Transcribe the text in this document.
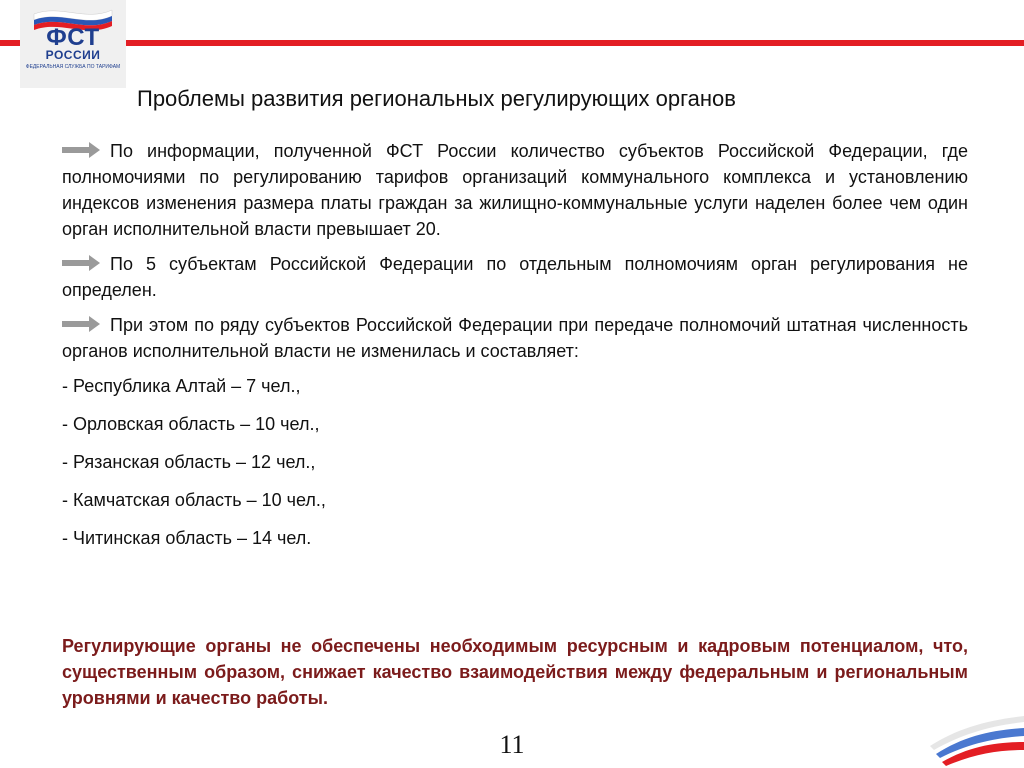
ФСТ
РОССИИ
ФЕДЕРАЛЬНАЯ СЛУЖБА ПО ТАРИФАМ
Проблемы развития региональных регулирующих органов

По информации, полученной ФСТ России количество субъектов Российской Федерации, где полномочиями по регулированию тарифов организаций коммунального комплекса и установлению индексов изменения размера платы граждан за жилищно-коммунальные услуги наделен более чем один орган исполнительной власти превышает 20.

По 5 субъектам Российской Федерации по отдельным полномочиям орган регулирования не определен.

При этом по ряду субъектов Российской Федерации при передаче полномочий штатная численность органов исполнительной власти не изменилась и составляет:

- Республика Алтай – 7 чел.,
- Орловская область – 10 чел.,
- Рязанская область – 12 чел.,
- Камчатская область – 10 чел.,
- Читинская область – 14 чел.
Регулирующие органы не обеспечены необходимым ресурсным и кадровым потенциалом, что, существенным образом, снижает качество взаимодействия между федеральным и региональным уровнями и качество работы.
11
